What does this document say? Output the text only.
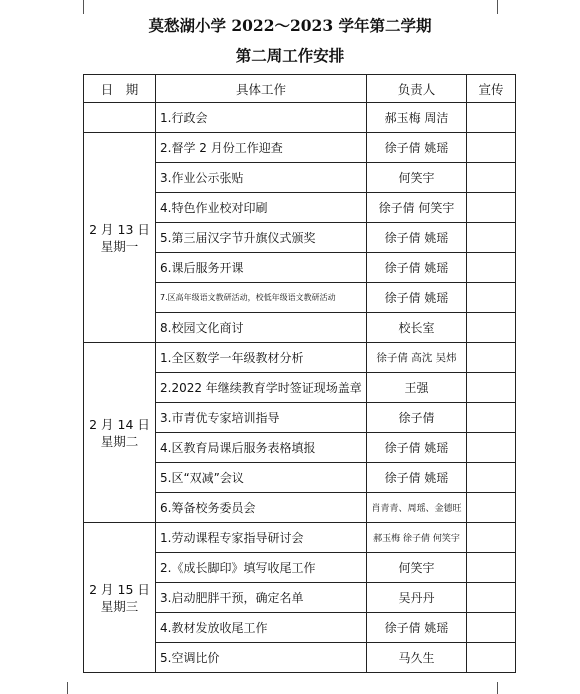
莫愁湖小学 2022～2023 学年第二学期
第二周工作安排
日　期	具体工作	负责人	宣传
	1.行政会	郝玉梅 周洁	

2 月 13 日
星期一	2.督学 2 月份工作迎查	徐子倩 姚瑶	
	3.作业公示张贴	何笑宇	
	4.特色作业校对印刷	徐子倩 何笑宇	
	5.第三届汉字节升旗仪式颁奖	徐子倩 姚瑶	
	6.课后服务开课	徐子倩 姚瑶	
	7.区高年级语文教研活动，校低年级语文教研活动	徐子倩 姚瑶	
	8.校园文化商讨	校长室	

2 月 14 日
星期二	1.全区数学一年级教材分析	徐子倩 高沈 吴炜	
	2.2022 年继续教育学时签证现场盖章	王强	
	3.市青优专家培训指导	徐子倩	
	4.区教育局课后服务表格填报	徐子倩 姚瑶	
	5.区“双减”会议	徐子倩 姚瑶	
	6.筹备校务委员会	肖青青、周瑶、金德旺	

2 月 15 日
星期三	1.劳动课程专家指导研讨会	郝玉梅 徐子倩 何笑宇	
	2.《成长脚印》填写收尾工作	何笑宇	
	3.启动肥胖干预，确定名单	吴丹丹	
	4.教材发放收尾工作	徐子倩 姚瑶	
	5.空调比价	马久生	
